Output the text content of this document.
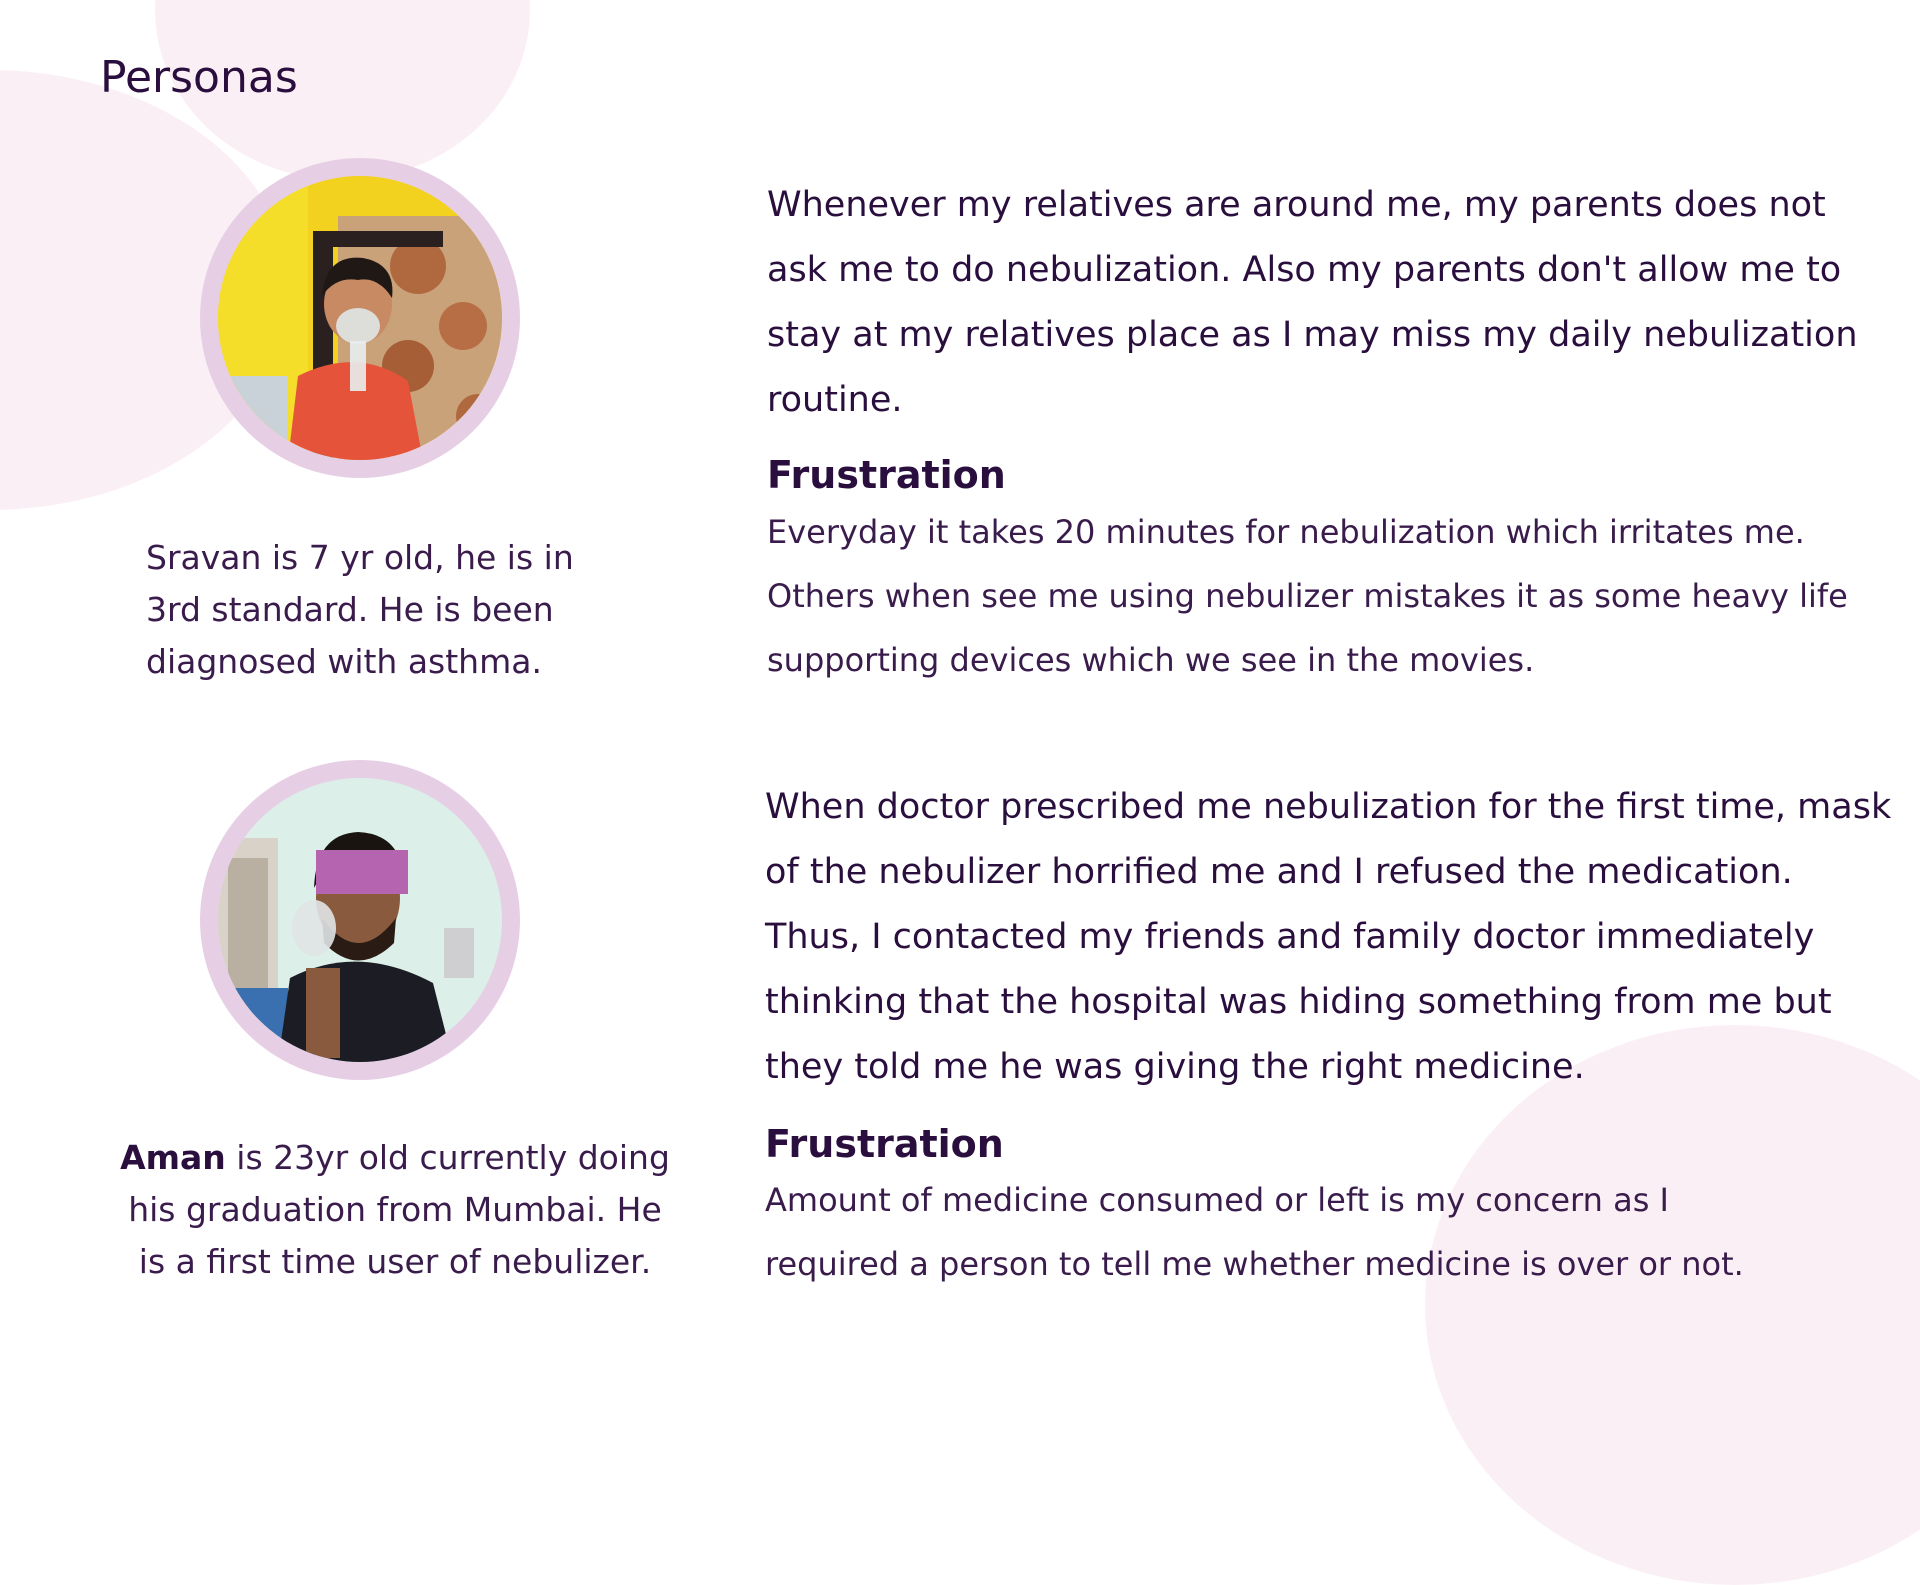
Personas

Sravan is 7 yr old, he is in 3rd standard. He is been diagnosed with asthma.

Whenever my relatives are around me, my parents does not ask me to do nebulization. Also my parents don't allow me to stay at my relatives place as I may miss my daily nebulization routine.

Frustration

Everyday it takes 20 minutes for nebulization which irritates me. Others when see me using nebulizer mistakes it as some heavy life supporting devices which we see in the movies.

Aman is 23yr old currently doing his graduation from Mumbai. He is a first time user of nebulizer.

When doctor prescribed me nebulization for the first time, mask of the nebulizer horrified me and I refused the medication. Thus, I contacted my friends and family doctor immediately thinking that the hospital was hiding something from me but they told me he was giving the right medicine.

Frustration

Amount of medicine consumed or left is my concern as I required a person to tell me whether medicine is over or not.
